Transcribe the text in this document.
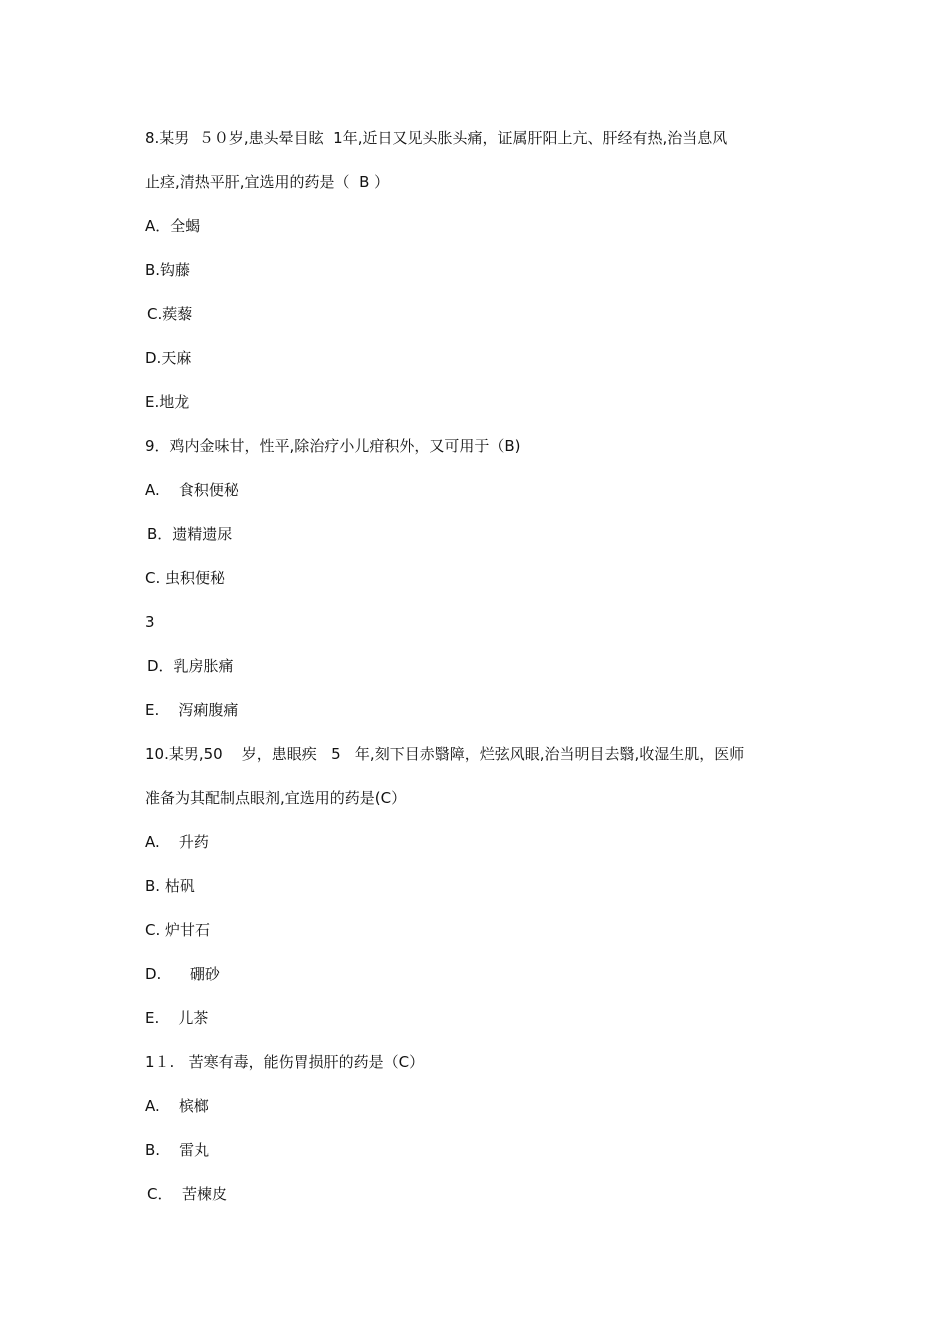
8.某男  ５０岁,患头晕目眩  1年,近日又见头胀头痛，证属肝阳上亢、肝经有热,治当息风
止痉,清热平肝,宜选用的药是（  B ）
A．全蝎
B.钩藤
C.蒺藜
D.天麻
E.地龙
9．鸡内金味甘，性平,除治疗小儿疳积外，又可用于（B)
A.    食积便秘
B．遗精遗尿
C. 虫积便秘
3
D．乳房胀痛
E.    泻痢腹痛
10.某男,50    岁，患眼疾   5   年,刻下目赤翳障，烂弦风眼,治当明目去翳,收湿生肌，医师
准备为其配制点眼剂,宜选用的药是(C）
A.    升药
B. 枯矾
C. 炉甘石
D.      硼砂
E.    儿茶
1１.   苦寒有毒，能伤胃损肝的药是（C）
A.    槟榔
B.    雷丸
C．  苦楝皮
